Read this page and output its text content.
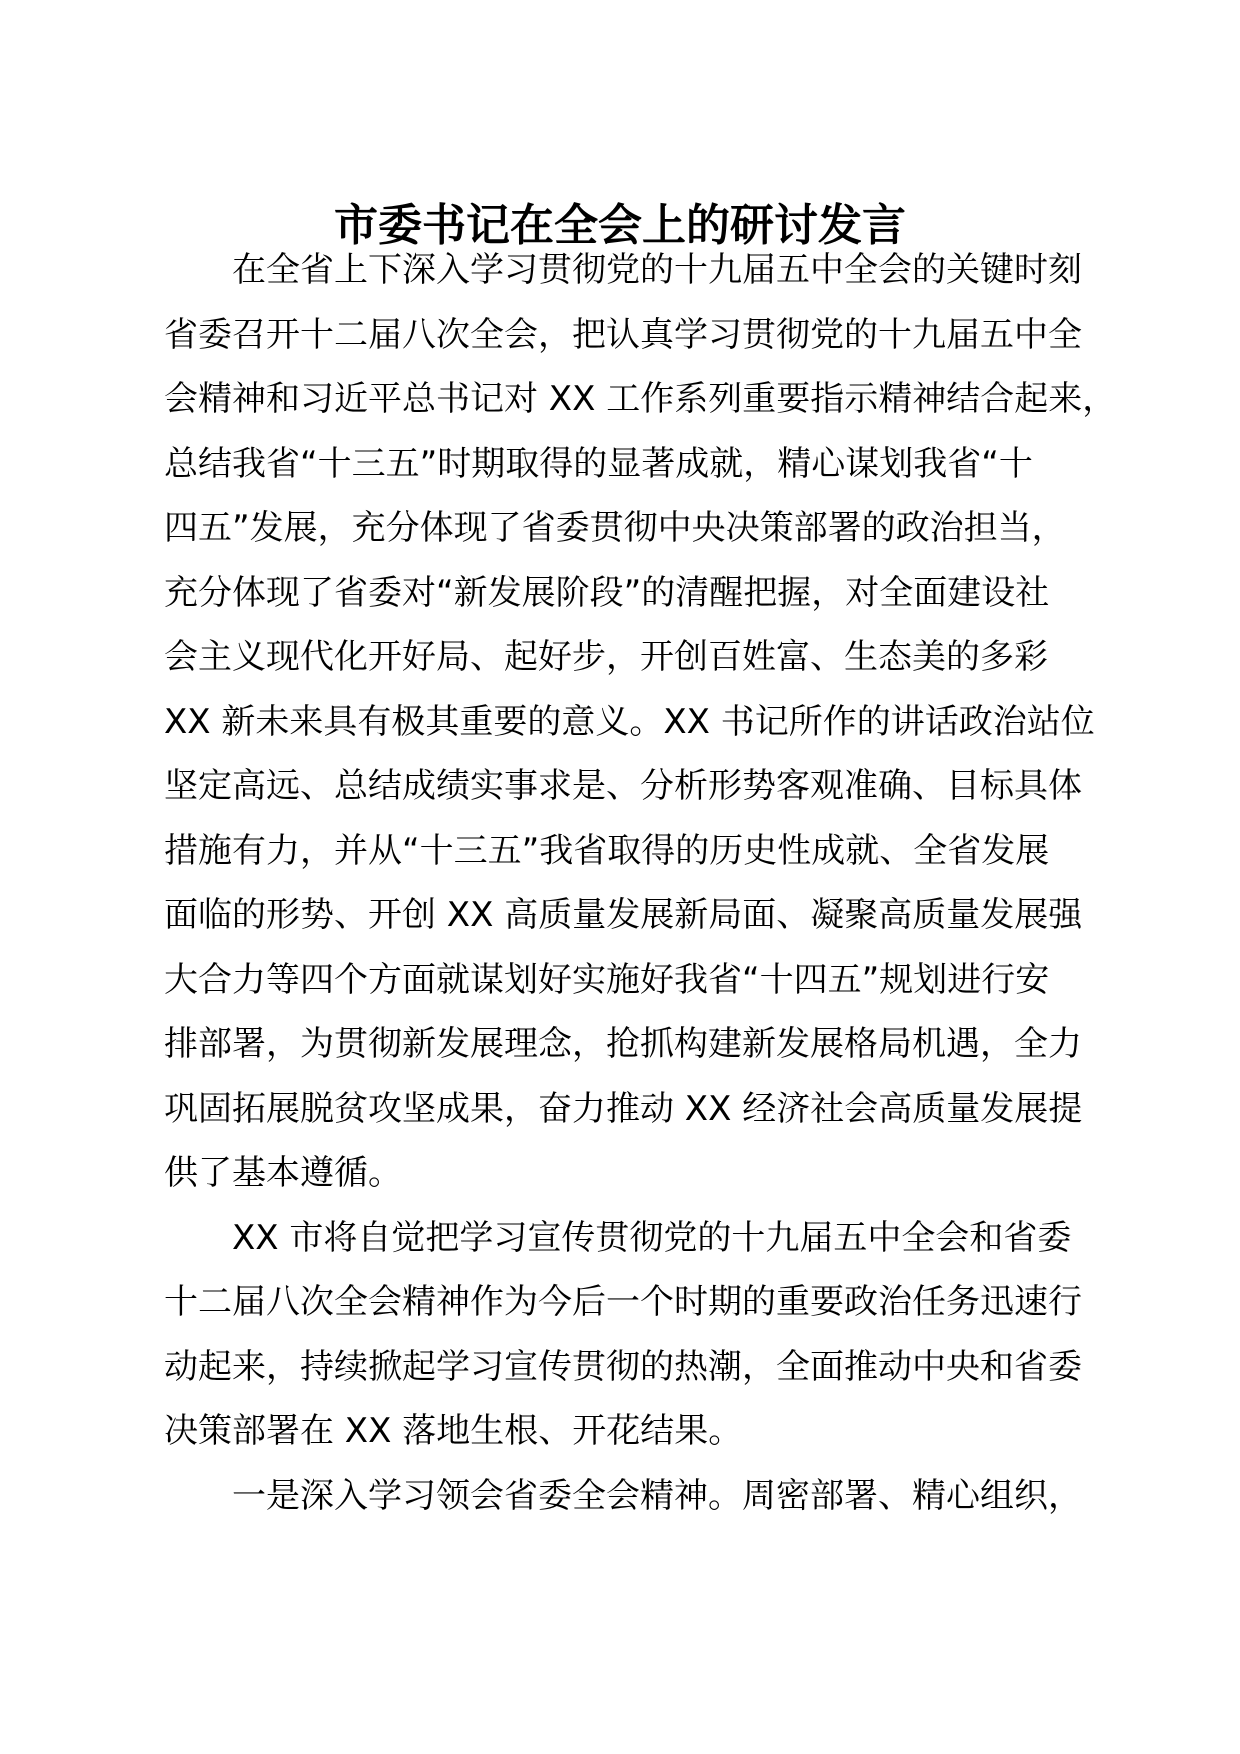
市委书记在全会上的研讨发言
在全省上下深入学习贯彻党的十九届五中全会的关键时刻
省委召开十二届八次全会，把认真学习贯彻党的十九届五中全
会精神和习近平总书记对 XX 工作系列重要指示精神结合起来，
总结我省“十三五”时期取得的显著成就，精心谋划我省“十
四五”发展，充分体现了省委贯彻中央决策部署的政治担当，
充分体现了省委对“新发展阶段”的清醒把握，对全面建设社
会主义现代化开好局、起好步，开创百姓富、生态美的多彩
XX 新未来具有极其重要的意义。XX 书记所作的讲话政治站位
坚定高远、总结成绩实事求是、分析形势客观准确、目标具体
措施有力，并从“十三五”我省取得的历史性成就、全省发展
面临的形势、开创 XX 高质量发展新局面、凝聚高质量发展强
大合力等四个方面就谋划好实施好我省“十四五”规划进行安
排部署，为贯彻新发展理念，抢抓构建新发展格局机遇，全力
巩固拓展脱贫攻坚成果，奋力推动 XX 经济社会高质量发展提
供了基本遵循。
XX 市将自觉把学习宣传贯彻党的十九届五中全会和省委
十二届八次全会精神作为今后一个时期的重要政治任务迅速行
动起来，持续掀起学习宣传贯彻的热潮，全面推动中央和省委
决策部署在 XX 落地生根、开花结果。
一是深入学习领会省委全会精神。周密部署、精心组织，
